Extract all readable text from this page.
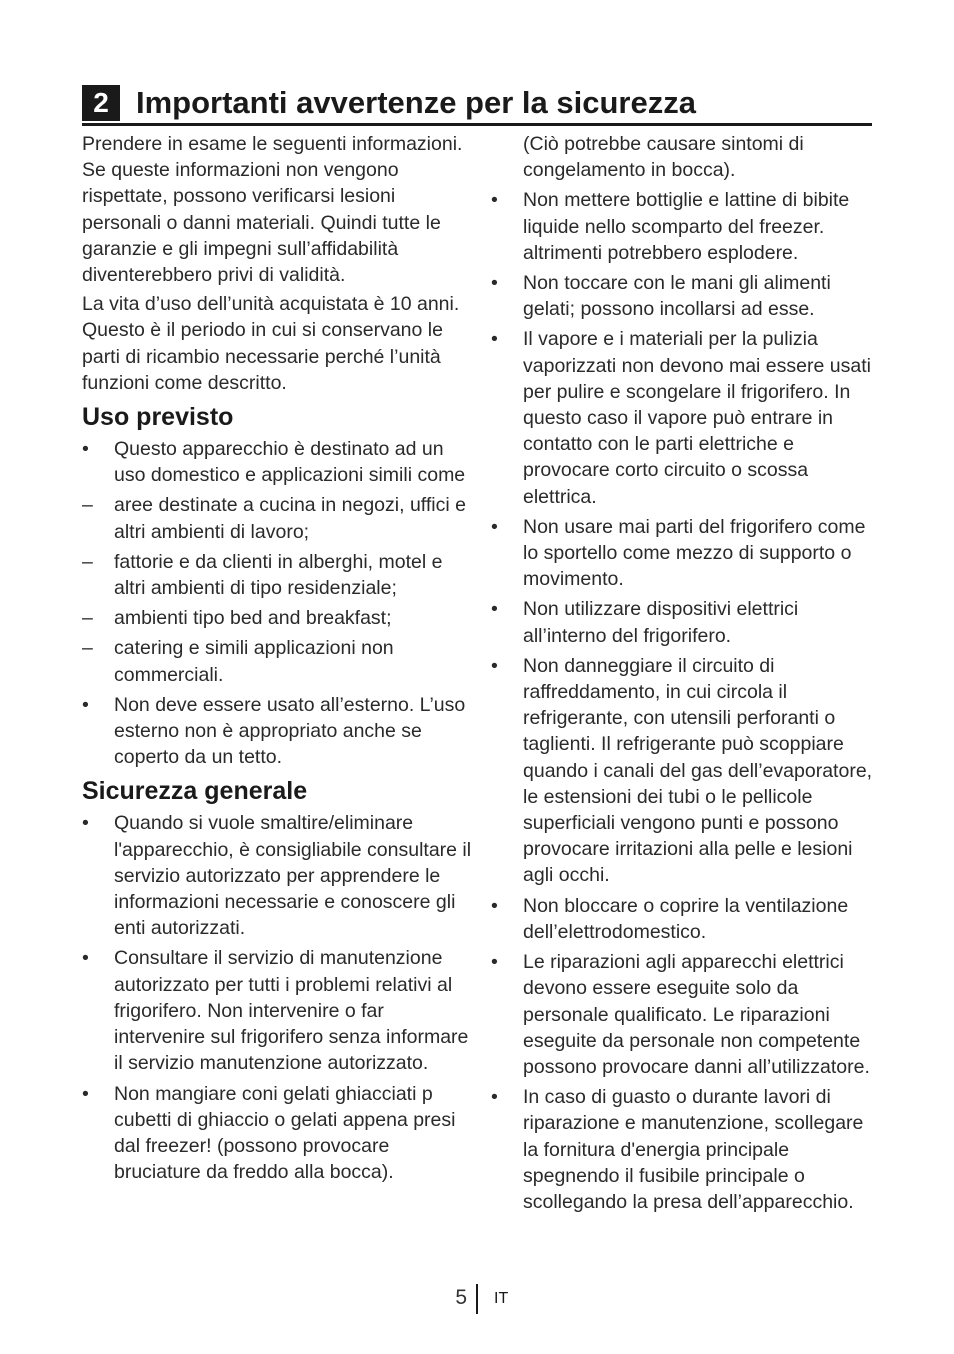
2 Importanti avvertenze per la sicurezza

Prendere in esame le seguenti informazioni. Se queste informazioni non vengono rispettate, possono verificarsi lesioni personali o danni materiali. Quindi tutte le garanzie e gli impegni sull’affidabilità diventerebbero privi di validità.

La vita d’uso dell’unità acquistata è 10 anni. Questo è il periodo in cui si conservano le parti di ricambio necessarie perché l’unità funzioni come descritto.

Uso previsto
•	Questo apparecchio è destinato ad un uso domestico e applicazioni simili come
–	aree destinate a cucina in negozi, uffici e altri ambienti di lavoro;
–	fattorie e da clienti in alberghi, motel e altri ambienti di tipo residenziale;
–	ambienti tipo bed and breakfast;
–	catering e simili applicazioni non commerciali.
•	Non deve essere usato all’esterno. L’uso esterno non è appropriato anche se coperto da un tetto.
Sicurezza generale
•	Quando si vuole smaltire/eliminare l'apparecchio, è consigliabile consultare il servizio autorizzato per apprendere le informazioni necessarie e conoscere gli enti autorizzati.
•	Consultare il servizio di manutenzione autorizzato per tutti i problemi relativi al frigorifero. Non intervenire o far intervenire sul frigorifero senza informare il servizio manutenzione autorizzato.
•	Non mangiare coni gelati ghiacciati p cubetti di ghiaccio o gelati appena presi dal freezer! (possono provocare bruciature da freddo alla bocca).

(Ciò potrebbe causare sintomi di congelamento in bocca).

•	Non mettere bottiglie e lattine di bibite liquide nello scomparto del freezer. altrimenti potrebbero esplodere.
•	Non toccare con le mani gli alimenti gelati; possono incollarsi ad esse.
•	Il vapore e i materiali per la pulizia vaporizzati non devono mai essere usati per pulire e scongelare il frigorifero. In questo caso il vapore può entrare in contatto con le parti elettriche e provocare corto circuito o scossa elettrica.
•	Non usare mai parti del frigorifero come lo sportello come mezzo di supporto o movimento.
•	Non utilizzare dispositivi elettrici all’interno del frigorifero.
•	Non danneggiare il circuito di raffreddamento, in cui circola il refrigerante, con utensili perforanti o taglienti. Il refrigerante può scoppiare quando i canali del gas dell’evaporatore, le estensioni dei tubi o le pellicole superficiali vengono punti e possono provocare irritazioni alla pelle e lesioni agli occhi.
•	Non bloccare o coprire la ventilazione dell’elettrodomestico.
•	Le riparazioni agli apparecchi elettrici devono essere eseguite solo da personale qualificato. Le riparazioni eseguite da personale non competente possono provocare danni all’utilizzatore.
•	In caso di guasto o durante lavori di riparazione e manutenzione, scollegare la fornitura d'energia principale spegnendo il fusibile principale o scollegando la presa dell’apparecchio.
5 IT
